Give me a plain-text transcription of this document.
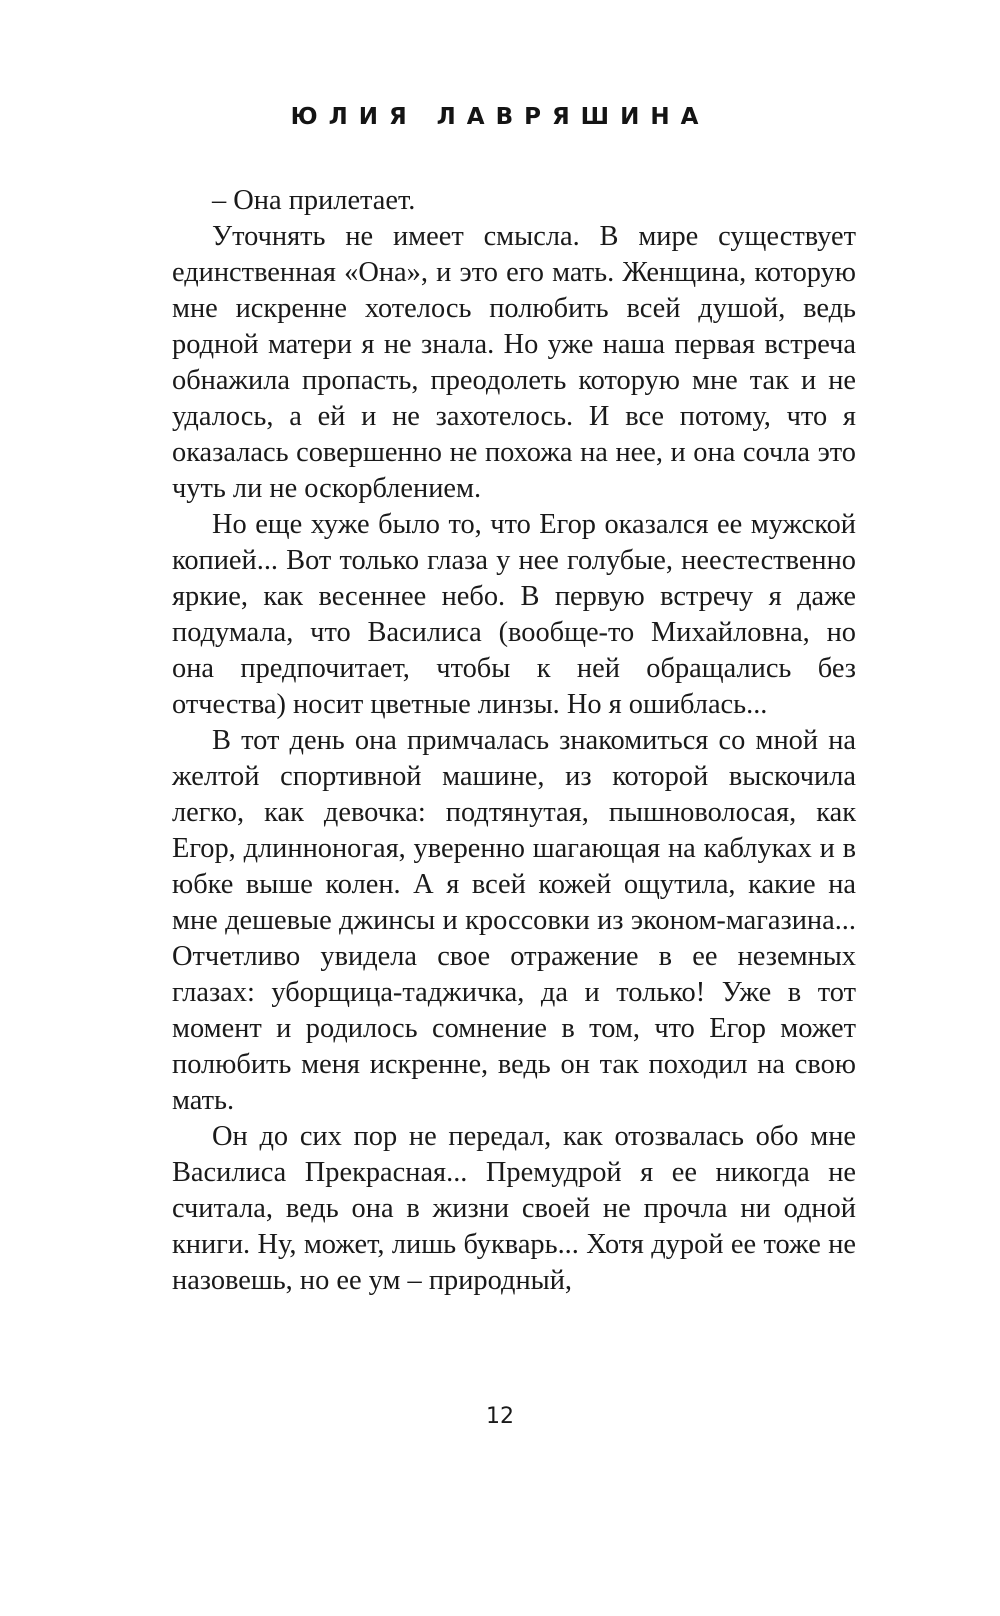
ЮЛИЯ ЛАВРЯШИНА

– Она прилетает.

Уточнять не имеет смысла. В мире существует единственная «Она», и это его мать. Женщина, которую мне искренне хотелось полюбить всей душой, ведь родной матери я не знала. Но уже наша первая встреча обнажила пропасть, преодолеть которую мне так и не удалось, а ей и не захотелось. И все потому, что я оказалась совершенно не похожа на нее, и она сочла это чуть ли не оскорблением.

Но еще хуже было то, что Егор оказался ее мужской копией... Вот только глаза у нее голубые, неестественно яркие, как весеннее небо. В первую встречу я даже подумала, что Василиса (вообще-то Михайловна, но она предпочитает, чтобы к ней обращались без отчества) носит цветные линзы. Но я ошиблась...

В тот день она примчалась знакомиться со мной на желтой спортивной машине, из которой выскочила легко, как девочка: подтянутая, пышноволосая, как Егор, длинноногая, уверенно шагающая на каблуках и в юбке выше колен. А я всей кожей ощутила, какие на мне дешевые джинсы и кроссовки из эконом-магазина... Отчетливо увидела свое отражение в ее неземных глазах: уборщица-таджичка, да и только! Уже в тот момент и родилось сомнение в том, что Егор может полюбить меня искренне, ведь он так походил на свою мать.

Он до сих пор не передал, как отозвалась обо мне Василиса Прекрасная... Премудрой я ее никогда не считала, ведь она в жизни своей не прочла ни одной книги. Ну, может, лишь букварь... Хотя дурой ее тоже не назовешь, но ее ум – природный,

12
